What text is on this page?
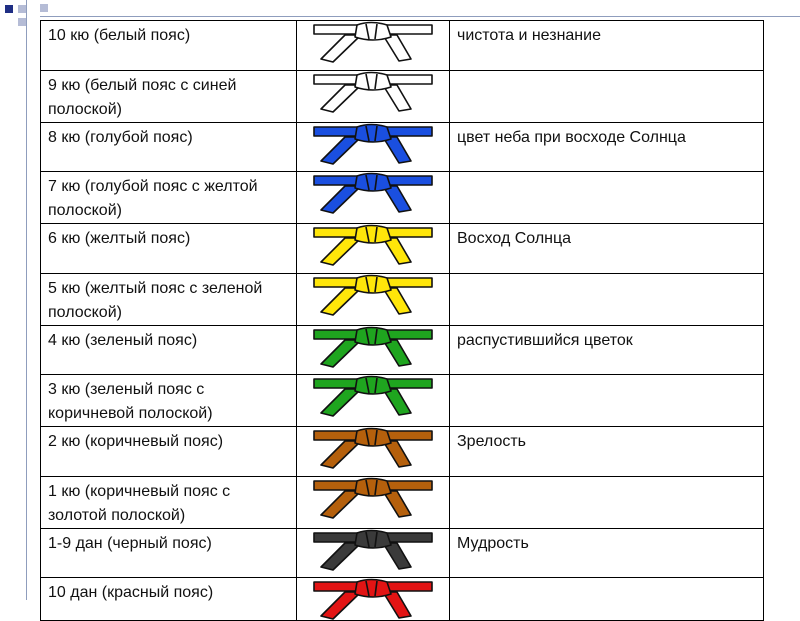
10 кю (белый пояс)		чистота и незнание

9 кю (белый пояс с синей полоской)

8 кю (голубой пояс)		цвет неба при восходе Солнца

7 кю (голубой пояс с желтой полоской)

6 кю (желтый пояс)		Восход Солнца

5 кю (желтый пояс с зеленой полоской)

4 кю (зеленый пояс)		распустившийся цветок

3 кю (зеленый пояс с коричневой полоской)

2 кю (коричневый пояс)		Зрелость

1 кю (коричневый пояс с золотой полоской)

1-9 дан (черный пояс)		Мудрость

10 дан (красный пояс)
